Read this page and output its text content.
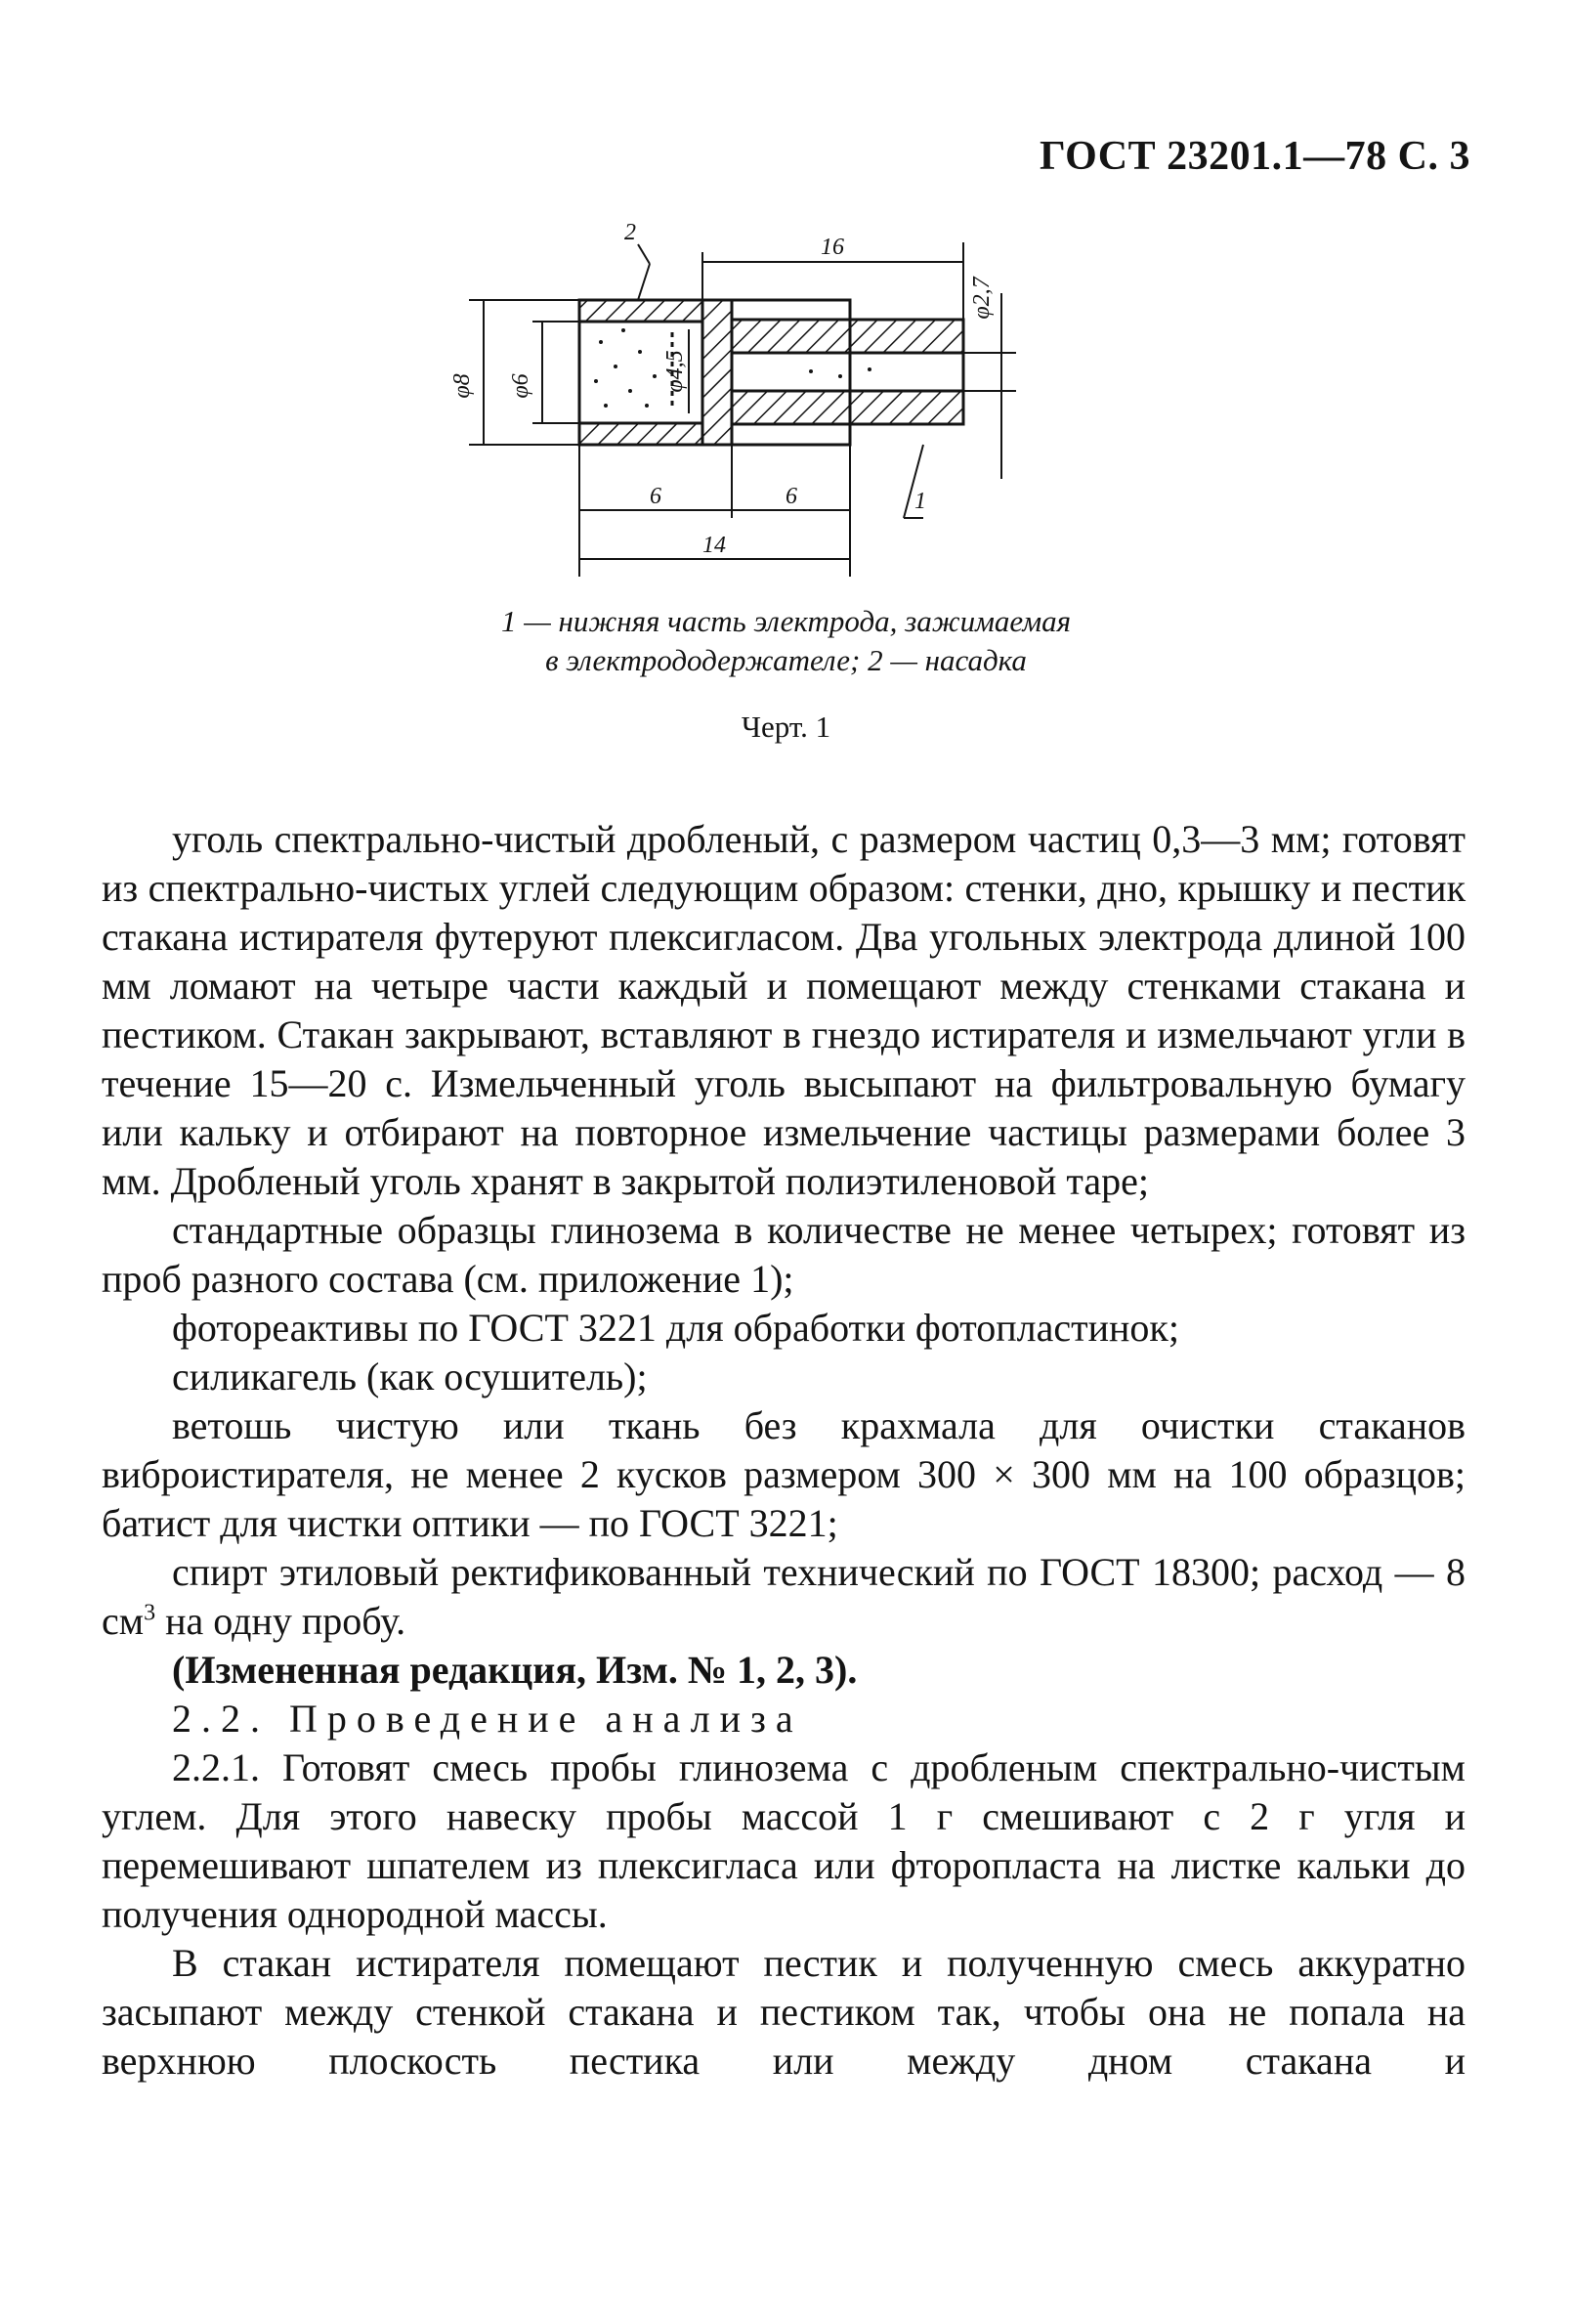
ГОСТ 23201.1—78 С. 3
φ8 φ6	φ4,5
φ2,7
16
6	6
14
2
1
1 — нижняя часть электрода, зажимаемая
в электрододержателе; 2 — насадка
Черт. 1

уголь спектрально-чистый дробленый, с размером частиц 0,3—3 мм; готовят из спектрально-чистых углей следующим образом: стенки, дно, крышку и пестик стакана истирателя футеруют плексигласом. Два угольных электрода длиной 100 мм ломают на четыре части каждый и помещают между стенками стакана и пестиком. Стакан закрывают, вставляют в гнездо истирателя и измельчают угли в течение 15—20 с. Измельченный уголь высыпают на фильтровальную бумагу или кальку и отбирают на повторное измельчение частицы размерами более 3 мм. Дробленый уголь хранят в закрытой полиэтиленовой таре;

стандартные образцы глинозема в количестве не менее четырех; готовят из проб разного состава (см. приложение 1);

фотореактивы по ГОСТ 3221 для обработки фотопластинок;

силикагель (как осушитель);

ветошь чистую или ткань без крахмала для очистки стаканов виброистирателя, не менее 2 кусков размером 300 × 300 мм на 100 образцов; батист для чистки оптики — по ГОСТ 3221;

спирт этиловый ректификованный технический по ГОСТ 18300; расход — 8 $см^3$ на одну пробу.

(Измененная редакция, Изм. № 1, 2, 3).

2.2. Проведение анализа

2.2.1. Готовят смесь пробы глинозема с дробленым спектрально-чистым углем. Для этого навеску пробы массой 1 г смешивают с 2 г угля и перемешивают шпателем из плексигласа или фторопласта на листке кальки до получения однородной массы.

В стакан истирателя помещают пестик и полученную смесь аккуратно засыпают между стенкой стакана и пестиком так, чтобы она не попала на верхнюю плоскость пестика или между дном стакана и
